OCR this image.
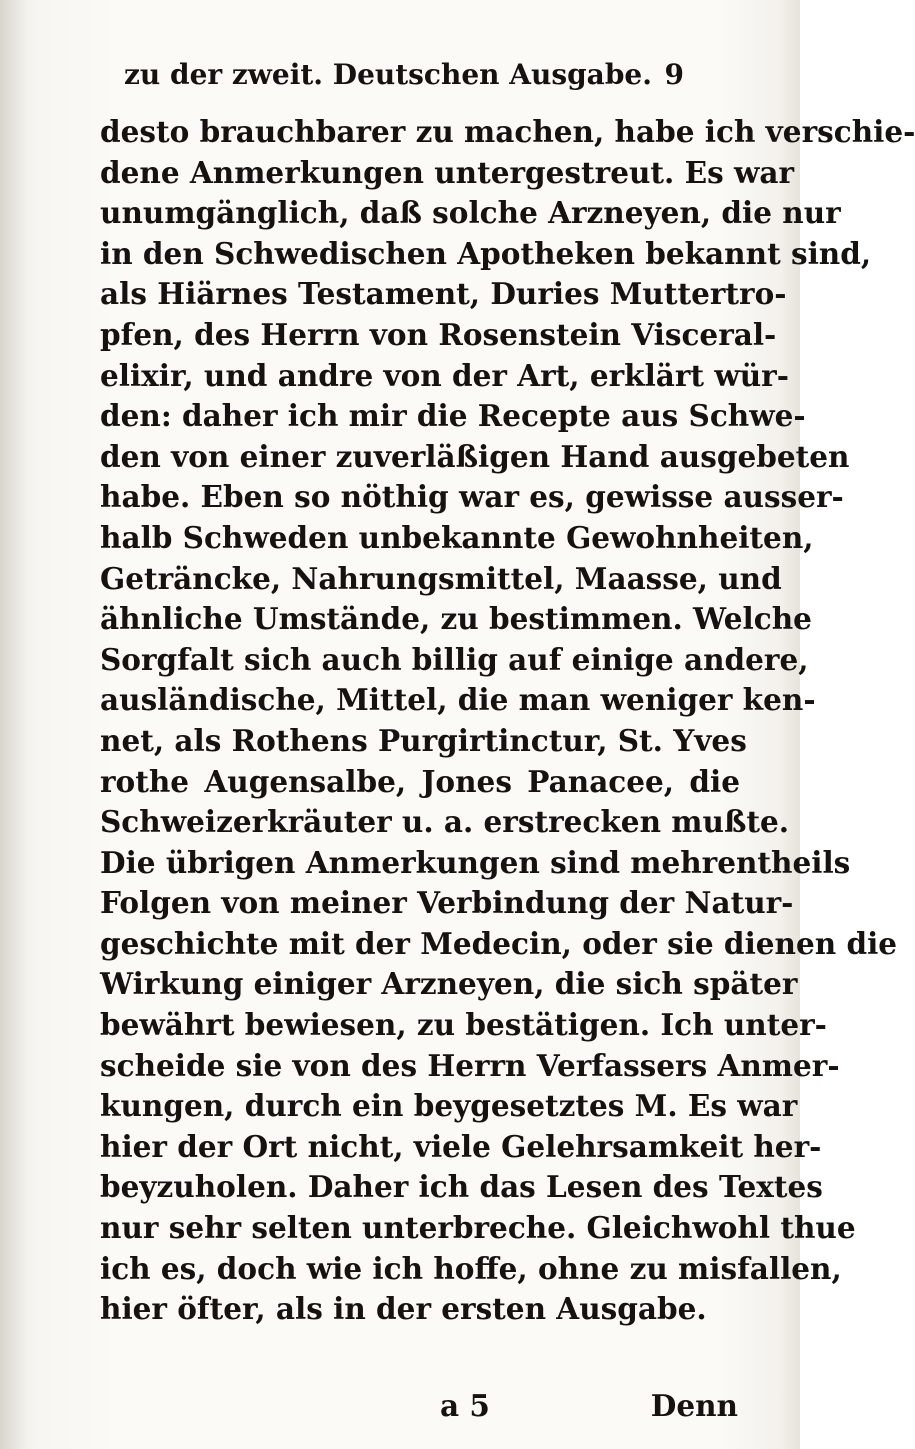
zu der zweit. Deutschen Ausgabe. 9
desto brauchbarer zu machen, habe ich verschie-
dene Anmerkungen untergestreut. Es war
unumgänglich, daß solche Arzneyen, die nur
in den Schwedischen Apotheken bekannt sind,
als Hiärnes Testament, Duries Muttertro-
pfen, des Herrn von Rosenstein Visceral-
elixir, und andre von der Art, erklärt wür-
den: daher ich mir die Recepte aus Schwe-
den von einer zuverläßigen Hand ausgebeten
habe. Eben so nöthig war es, gewisse ausser-
halb Schweden unbekannte Gewohnheiten,
Geträncke, Nahrungsmittel, Maasse, und
ähnliche Umstände, zu bestimmen. Welche
Sorgfalt sich auch billig auf einige andere,
ausländische, Mittel, die man weniger ken-
net, als Rothens Purgirtinctur, St. Yves
rothe Augensalbe, Jones Panacee, die
Schweizerkräuter u. a. erstrecken mußte.
Die übrigen Anmerkungen sind mehrentheils
Folgen von meiner Verbindung der Natur-
geschichte mit der Medecin, oder sie dienen die
Wirkung einiger Arzneyen, die sich später
bewährt bewiesen, zu bestätigen. Ich unter-
scheide sie von des Herrn Verfassers Anmer-
kungen, durch ein beygesetztes M. Es war
hier der Ort nicht, viele Gelehrsamkeit her-
beyzuholen. Daher ich das Lesen des Textes
nur sehr selten unterbreche. Gleichwohl thue
ich es, doch wie ich hoffe, ohne zu misfallen,
hier öfter, als in der ersten Ausgabe.
a 5	Denn
